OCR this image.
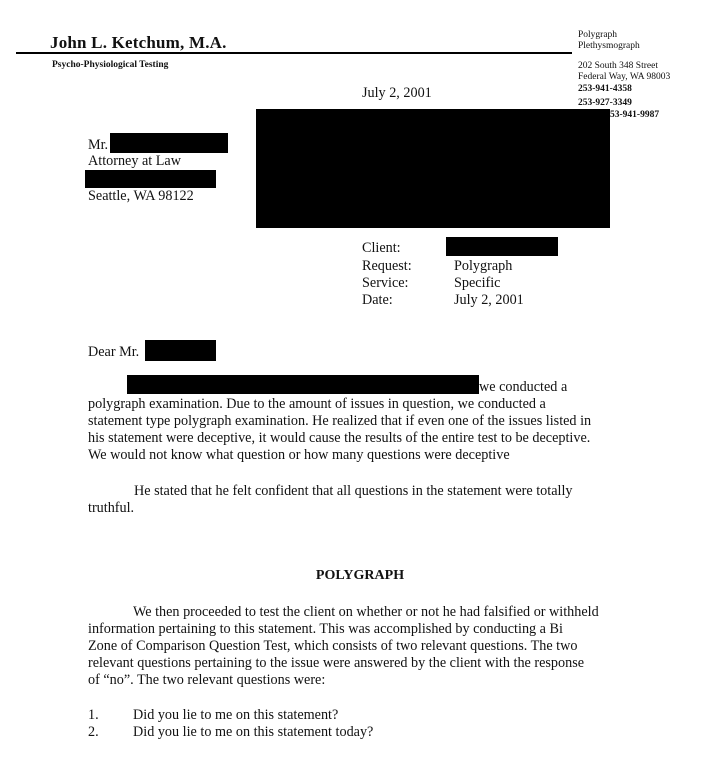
John L. Ketchum, M.A.
Psycho-Physiological Testing
Polygraph
Plethysmograph
202 South 348 Street
Federal Way, WA 98003
253-941-4358
253-927-3349
53-941-9987
July 2, 2001
Mr.
Attorney at Law
Seattle, WA 98122
Client:
Request:	Polygraph
Service:	Specific
Date:	July 2, 2001
Dear Mr.
we conducted a
polygraph examination. Due to the amount of issues in question, we conducted a
statement type polygraph examination. He realized that if even one of the issues listed in
his statement were deceptive, it would cause the results of the entire test to be deceptive.
We would not know what question or how many questions were deceptive
He stated that he felt confident that all questions in the statement were totally
truthful.
POLYGRAPH
We then proceeded to test the client on whether or not he had falsified or withheld
information pertaining to this statement. This was accomplished by conducting a Bi
Zone of Comparison Question Test, which consists of two relevant questions. The two
relevant questions pertaining to the issue were answered by the client with the response
of “no”. The two relevant questions were:
1. Did you lie to me on this statement?
2. Did you lie to me on this statement today?
